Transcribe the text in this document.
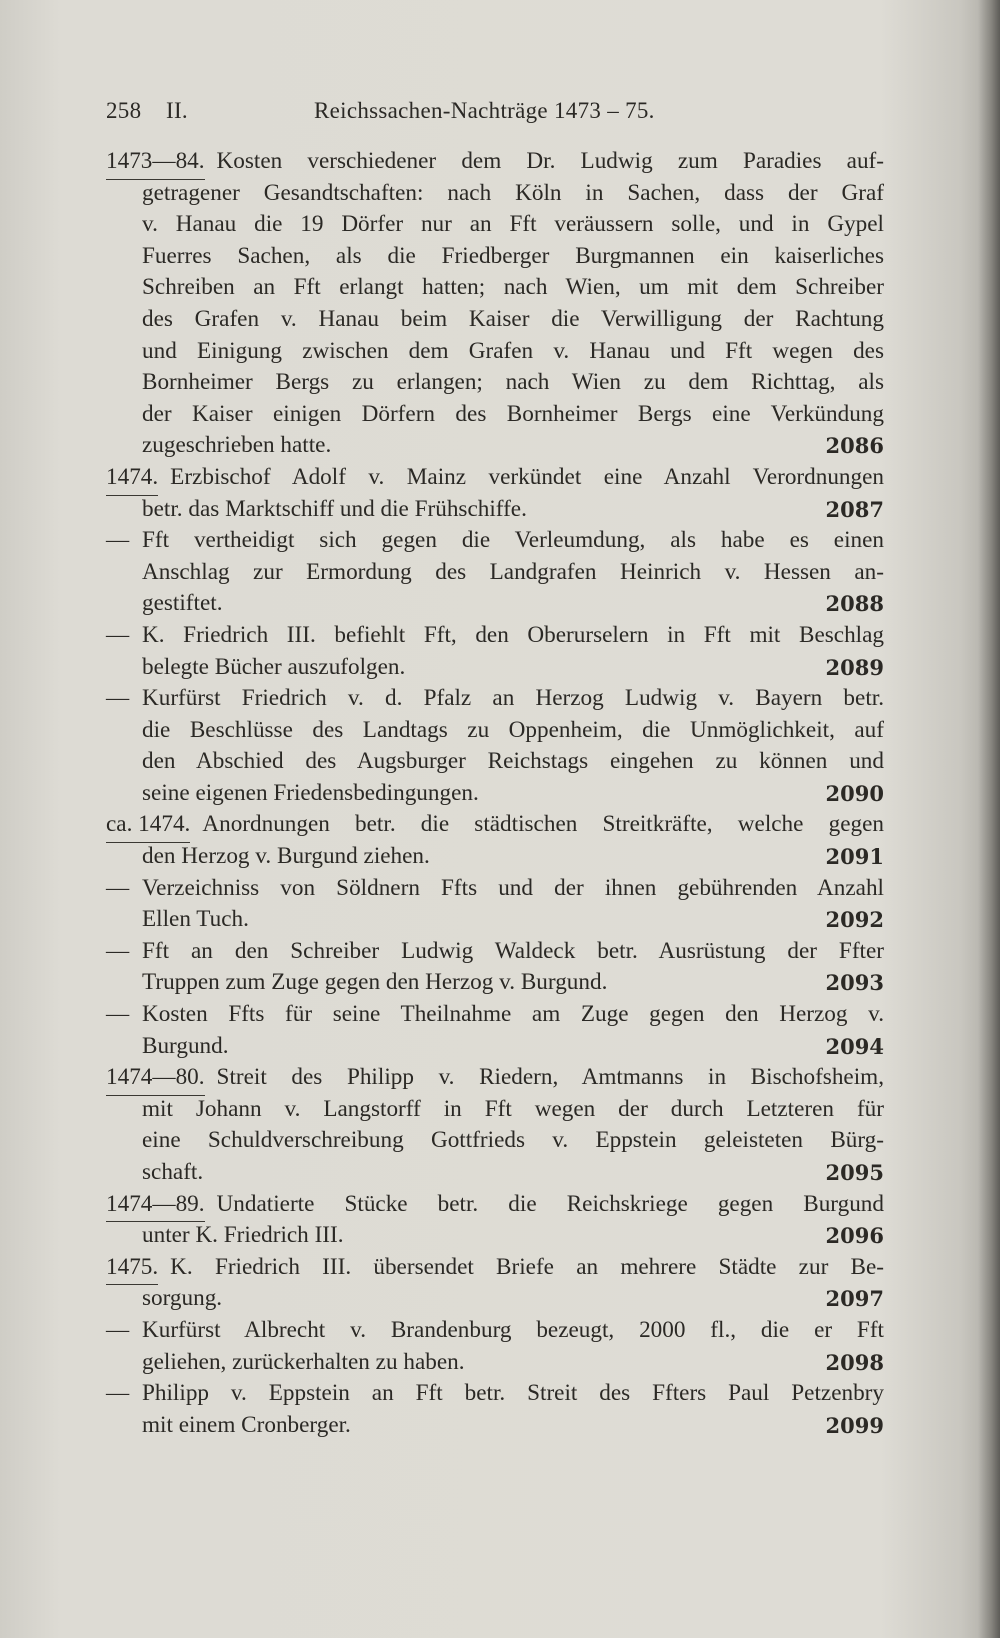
258 II.	Reichssachen-Nachträge 1473 – 75.
1473—84. Kosten verschiedener dem Dr. Ludwig zum Paradies auf-
getragener Gesandtschaften: nach Köln in Sachen, dass der Graf
v. Hanau die 19 Dörfer nur an Fft veräussern solle, und in Gypel
Fuerres Sachen, als die Friedberger Burgmannen ein kaiserliches
Schreiben an Fft erlangt hatten; nach Wien, um mit dem Schreiber
des Grafen v. Hanau beim Kaiser die Verwilligung der Rachtung
und Einigung zwischen dem Grafen v. Hanau und Fft wegen des
Bornheimer Bergs zu erlangen; nach Wien zu dem Richttag, als
der Kaiser einigen Dörfern des Bornheimer Bergs eine Verkündung
zugeschrieben hatte.	2086
1474. Erzbischof Adolf v. Mainz verkündet eine Anzahl Verordnungen
betr. das Marktschiff und die Frühschiffe.	2087
— Fft vertheidigt sich gegen die Verleumdung, als habe es einen
Anschlag zur Ermordung des Landgrafen Heinrich v. Hessen an-
gestiftet.	2088
— K. Friedrich III. befiehlt Fft, den Oberurselern in Fft mit Beschlag
belegte Bücher auszufolgen.	2089
— Kurfürst Friedrich v. d. Pfalz an Herzog Ludwig v. Bayern betr.
die Beschlüsse des Landtags zu Oppenheim, die Unmöglichkeit, auf
den Abschied des Augsburger Reichstags eingehen zu können und
seine eigenen Friedensbedingungen.	2090
ca. 1474. Anordnungen betr. die städtischen Streitkräfte, welche gegen
den Herzog v. Burgund ziehen.	2091
— Verzeichniss von Söldnern Ffts und der ihnen gebührenden Anzahl
Ellen Tuch.	2092
— Fft an den Schreiber Ludwig Waldeck betr. Ausrüstung der Ffter
Truppen zum Zuge gegen den Herzog v. Burgund.	2093
— Kosten Ffts für seine Theilnahme am Zuge gegen den Herzog v.
Burgund.	2094
1474—80. Streit des Philipp v. Riedern, Amtmanns in Bischofsheim,
mit Johann v. Langstorff in Fft wegen der durch Letzteren für
eine Schuldverschreibung Gottfrieds v. Eppstein geleisteten Bürg-
schaft.	2095
1474—89. Undatierte Stücke betr. die Reichskriege gegen Burgund
unter K. Friedrich III.	2096
1475. K. Friedrich III. übersendet Briefe an mehrere Städte zur Be-
sorgung.	2097
— Kurfürst Albrecht v. Brandenburg bezeugt, 2000 fl., die er Fft
geliehen, zurückerhalten zu haben.	2098
— Philipp v. Eppstein an Fft betr. Streit des Ffters Paul Petzenbry
mit einem Cronberger.	2099
